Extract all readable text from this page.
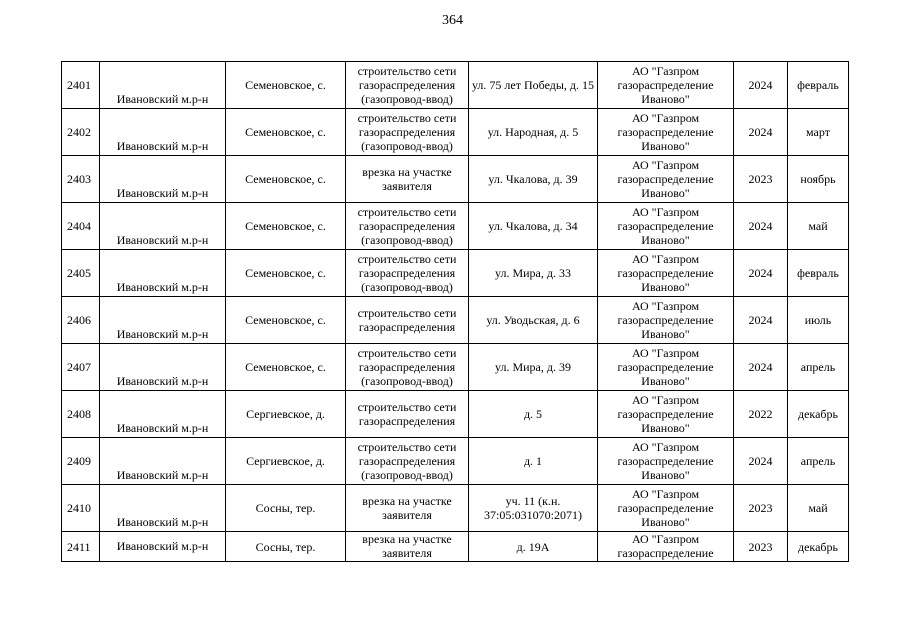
364
2401	Ивановский м.р-н	Семеновское, с.	строительство сети газораспределения (газопровод-ввод)	ул. 75 лет Победы, д. 15	АО "Газпром газораспределение Иваново"	2024	февраль
2402	Ивановский м.р-н	Семеновское, с.	строительство сети газораспределения (газопровод-ввод)	ул. Народная, д. 5	АО "Газпром газораспределение Иваново"	2024	март
2403	Ивановский м.р-н	Семеновское, с.	врезка на участке заявителя	ул. Чкалова, д. 39	АО "Газпром газораспределение Иваново"	2023	ноябрь
2404	Ивановский м.р-н	Семеновское, с.	строительство сети газораспределения (газопровод-ввод)	ул. Чкалова, д. 34	АО "Газпром газораспределение Иваново"	2024	май
2405	Ивановский м.р-н	Семеновское, с.	строительство сети газораспределения (газопровод-ввод)	ул. Мира, д. 33	АО "Газпром газораспределение Иваново"	2024	февраль
2406	Ивановский м.р-н	Семеновское, с.	строительство сети газораспределения	ул. Уводьская, д. 6	АО "Газпром газораспределение Иваново"	2024	июль
2407	Ивановский м.р-н	Семеновское, с.	строительство сети газораспределения (газопровод-ввод)	ул. Мира, д. 39	АО "Газпром газораспределение Иваново"	2024	апрель
2408	Ивановский м.р-н	Сергиевское, д.	строительство сети газораспределения	д. 5	АО "Газпром газораспределение Иваново"	2022	декабрь
2409	Ивановский м.р-н	Сергиевское, д.	строительство сети газораспределения (газопровод-ввод)	д. 1	АО "Газпром газораспределение Иваново"	2024	апрель
2410	Ивановский м.р-н	Сосны, тер.	врезка на участке заявителя	уч. 11 (к.н. 37:05:031070:2071)	АО "Газпром газораспределение Иваново"	2023	май
2411	Ивановский м.р-н	Сосны, тер.	врезка на участке заявителя	д. 19А	АО "Газпром газораспределение	2023	декабрь
